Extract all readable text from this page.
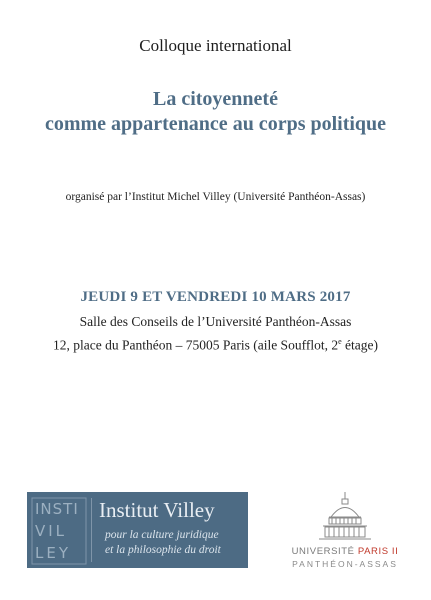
Colloque international
La citoyenneté
comme appartenance au corps politique
organisé par l’Institut Michel Villey (Université Panthéon-Assas)
JEUDI 9 ET VENDREDI 10 MARS 2017
Salle des Conseils de l’Université Panthéon-Assas
12, place du Panthéon – 75005 Paris (aile Soufflot, 2e étage)
INSTI
VIL
LEY
Institut Villey
pour la culture juridique
et la philosophie du droit	UNIVERSITÉ PARIS II
PANTHÉON-ASSAS
